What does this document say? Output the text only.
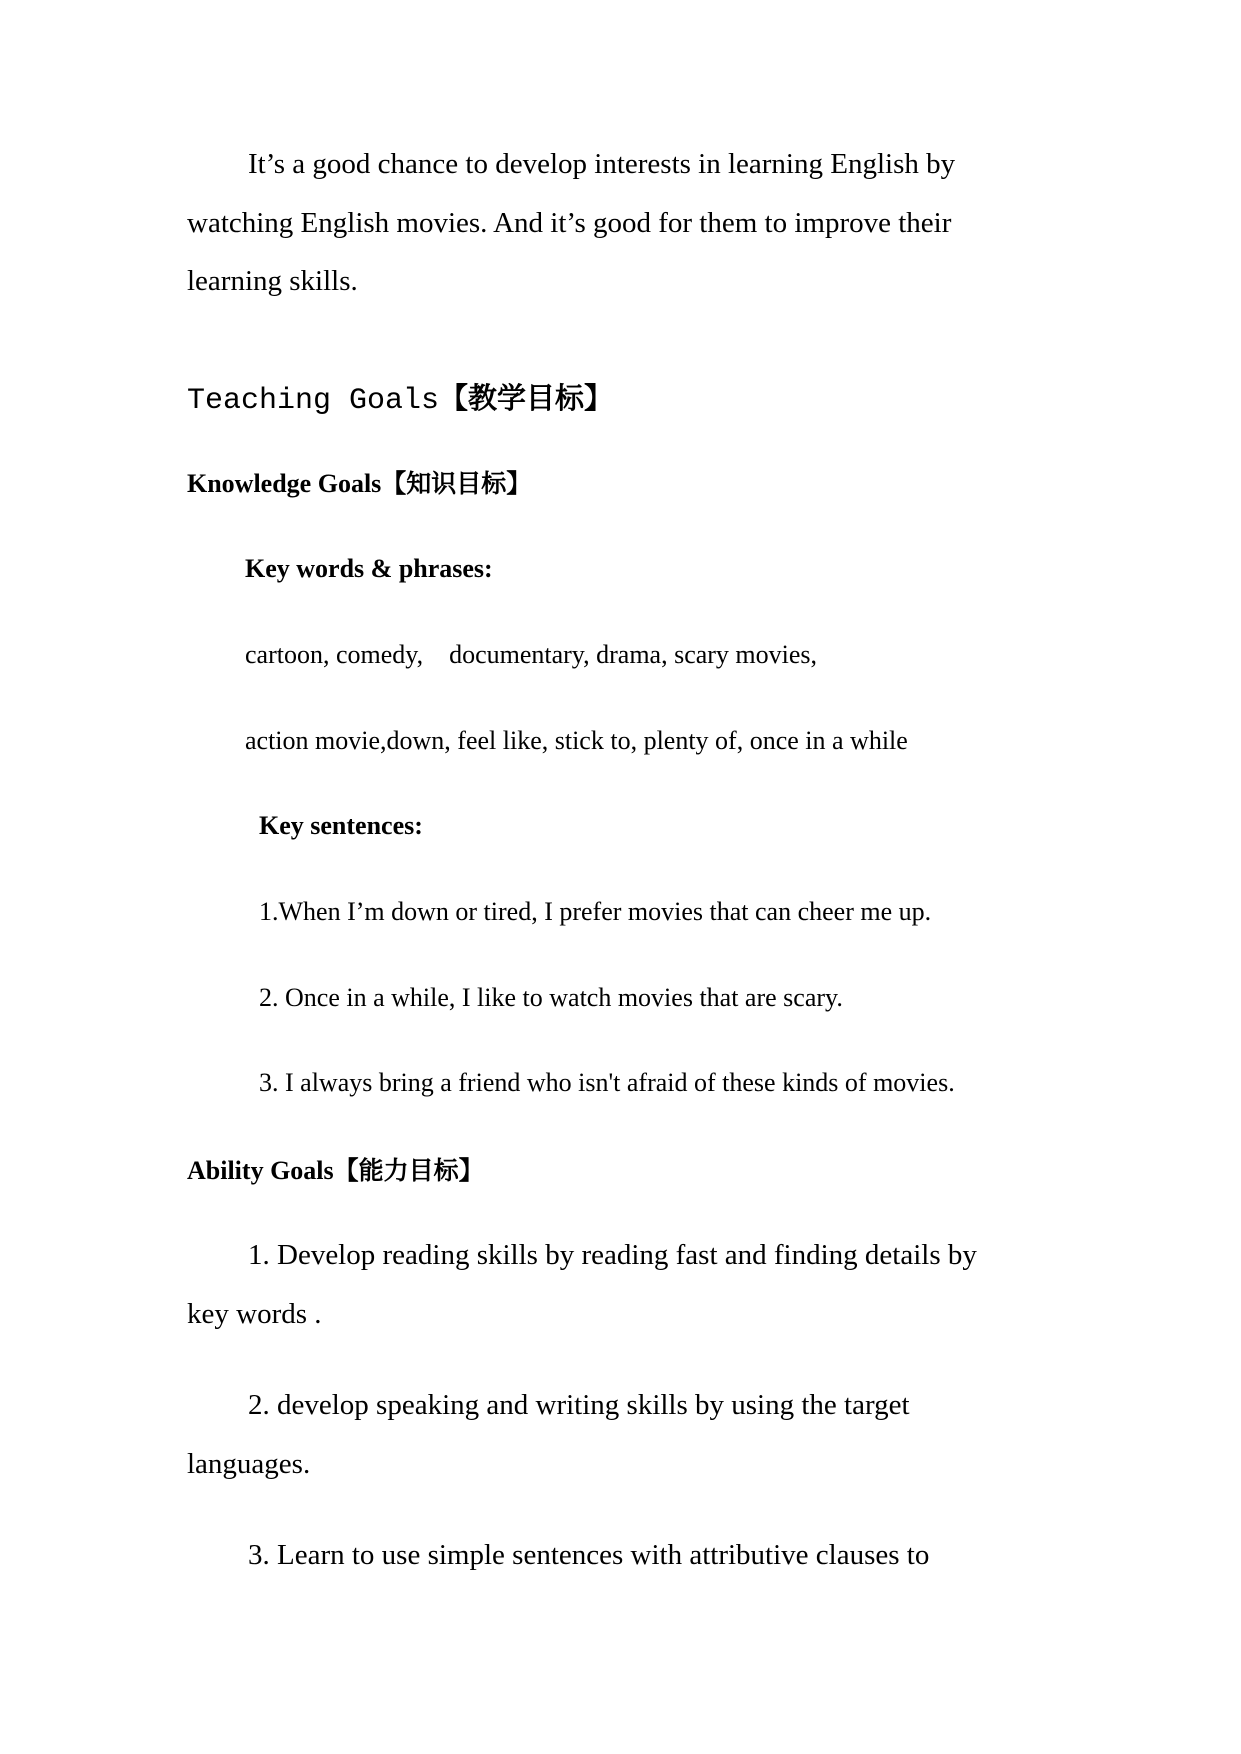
It’s a good chance to develop interests in learning English by
watching English movies. And it’s good for them to improve their
learning skills.
Teaching Goals【教学目标】
Knowledge Goals【知识目标】
Key words & phrases:
cartoon, comedy,    documentary, drama, scary movies,
action movie,down, feel like, stick to, plenty of, once in a while
Key sentences:
1.When I’m down or tired, I prefer movies that can cheer me up.
2. Once in a while, I like to watch movies that are scary.
3. I always bring a friend who isn't afraid of these kinds of movies.
Ability Goals【能力目标】
1. Develop reading skills by reading fast and finding details by
key words .
2. develop speaking and writing skills by using the target
languages.
3. Learn to use simple sentences with attributive clauses to
